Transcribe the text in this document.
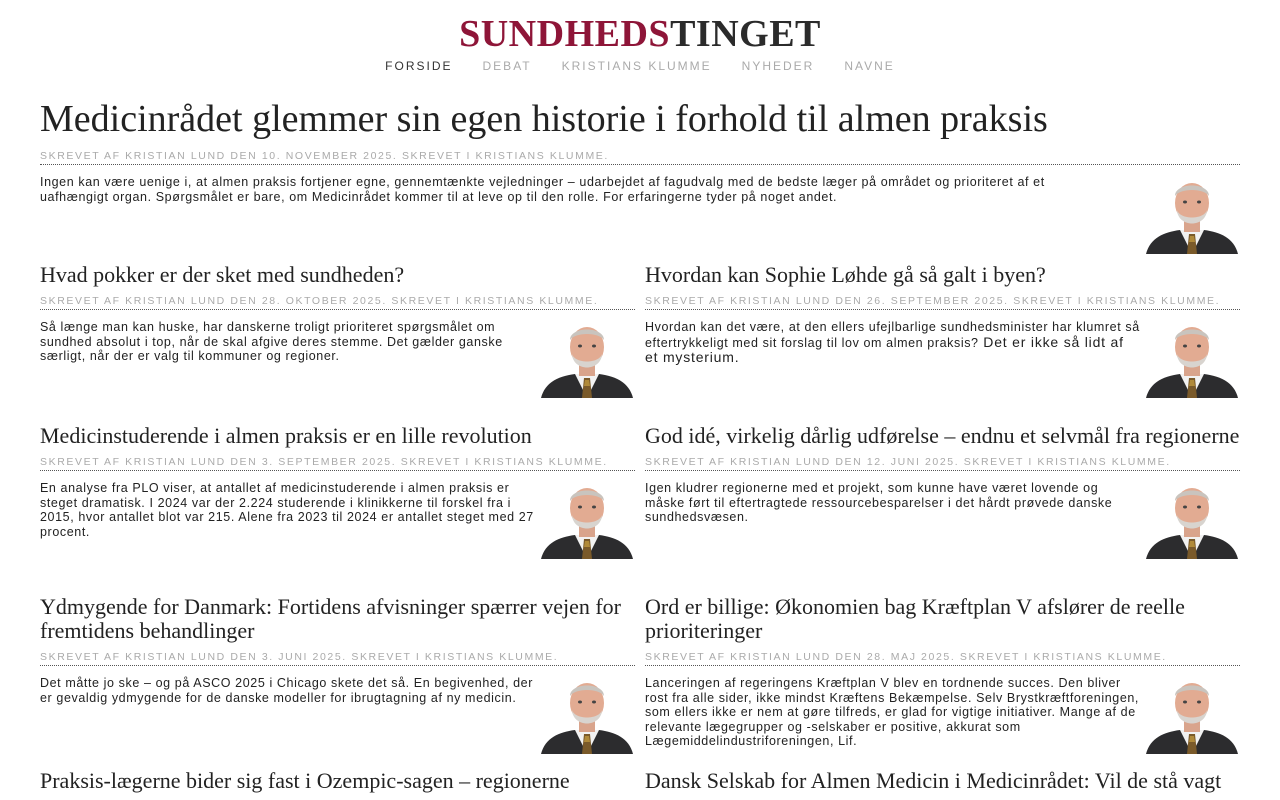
SUNDHEDSTINGET
FORSIDE	DEBAT	KRISTIANS KLUMME	NYHEDER	NAVNE
Medicinrådet glemmer sin egen historie i forhold til almen praksis
SKREVET AF KRISTIAN LUND DEN 10. NOVEMBER 2025. SKREVET I KRISTIANS KLUMME.
Ingen kan være uenige i, at almen praksis fortjener egne, gennemtænkte vejledninger – udarbejdet af fagudvalg med de bedste læger på området og prioriteret af et uafhængigt organ. Spørgsmålet er bare, om Medicinrådet kommer til at leve op til den rolle. For erfaringerne tyder på noget andet.
Hvad pokker er der sket med sundheden?
SKREVET AF KRISTIAN LUND DEN 28. OKTOBER 2025. SKREVET I KRISTIANS KLUMME.
Så længe man kan huske, har danskerne troligt prioriteret spørgsmålet om sundhed absolut i top, når de skal afgive deres stemme. Det gælder ganske særligt, når der er valg til kommuner og regioner.
Hvordan kan Sophie Løhde gå så galt i byen?
SKREVET AF KRISTIAN LUND DEN 26. SEPTEMBER 2025. SKREVET I KRISTIANS KLUMME.
Hvordan kan det være, at den ellers ufejlbarlige sundhedsminister har klumret så eftertrykkeligt med sit forslag til lov om almen praksis? Det er ikke så lidt af et mysterium.
Medicinstuderende i almen praksis er en lille revolution
SKREVET AF KRISTIAN LUND DEN 3. SEPTEMBER 2025. SKREVET I KRISTIANS KLUMME.
En analyse fra PLO viser, at antallet af medicinstuderende i almen praksis er steget dramatisk. I 2024 var der 2.224 studerende i klinikkerne til forskel fra i 2015, hvor antallet blot var 215. Alene fra 2023 til 2024 er antallet steget med 27 procent.
God idé, virkelig dårlig udførelse – endnu et selvmål fra regionerne
SKREVET AF KRISTIAN LUND DEN 12. JUNI 2025. SKREVET I KRISTIANS KLUMME.
Igen kludrer regionerne med et projekt, som kunne have været lovende og måske ført til eftertragtede ressourcebesparelser i det hårdt prøvede danske sundhedsvæsen.
Ydmygende for Danmark: Fortidens afvisninger spærrer vejen for fremtidens behandlinger
SKREVET AF KRISTIAN LUND DEN 3. JUNI 2025. SKREVET I KRISTIANS KLUMME.
Det måtte jo ske – og på ASCO 2025 i Chicago skete det så. En begivenhed, der er gevaldig ydmygende for de danske modeller for ibrugtagning af ny medicin.
Ord er billige: Økonomien bag Kræftplan V afslører de reelle prioriteringer
SKREVET AF KRISTIAN LUND DEN 28. MAJ 2025. SKREVET I KRISTIANS KLUMME.
Lanceringen af regeringens Kræftplan V blev en tordnende succes. Den bliver rost fra alle sider, ikke mindst Kræftens Bekæmpelse. Selv Brystkræftforeningen, som ellers ikke er nem at gøre tilfreds, er glad for vigtige initiativer. Mange af de relevante lægegrupper og -selskaber er positive, akkurat som Lægemiddelindustriforeningen, Lif.
Praksis-lægerne bider sig fast i Ozempic-sagen – regionerne	Dansk Selskab for Almen Medicin i Medicinrådet: Vil de stå vagt
